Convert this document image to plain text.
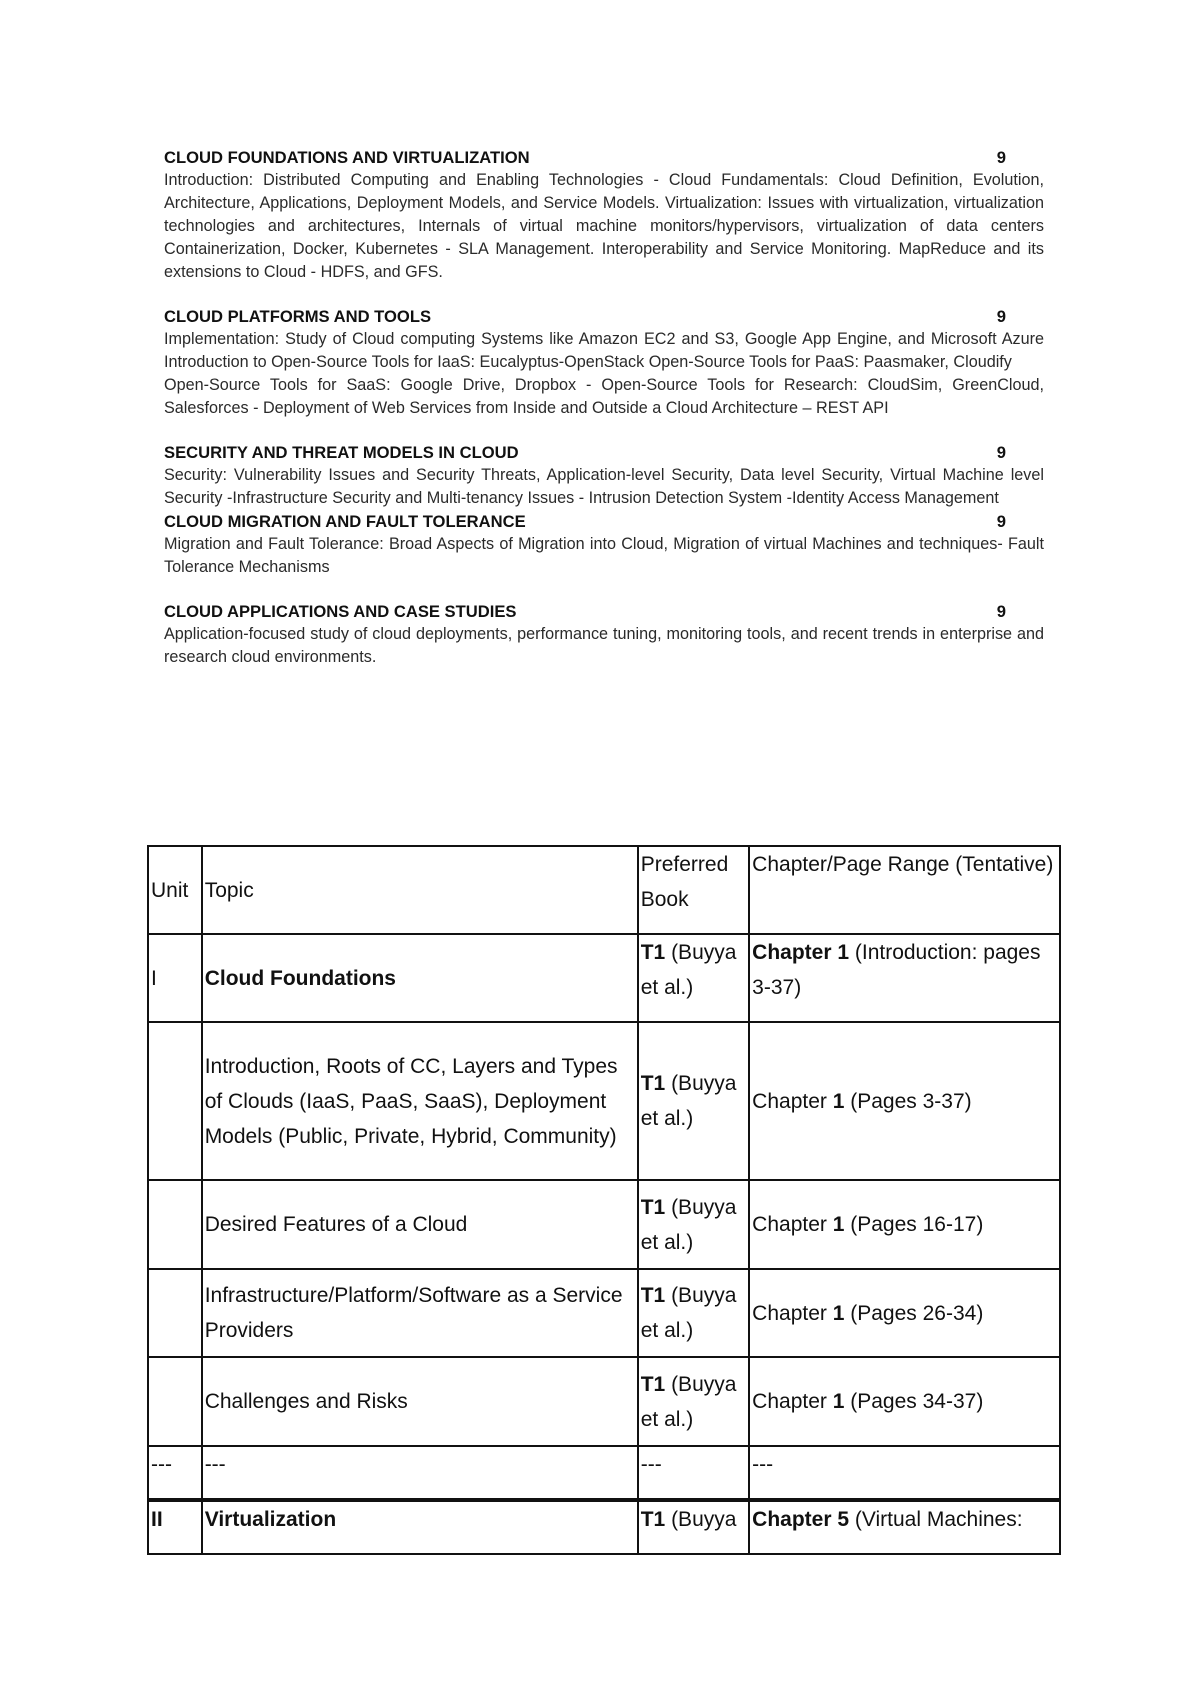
CLOUD FOUNDATIONS AND VIRTUALIZATION	9
Introduction: Distributed Computing and Enabling Technologies - Cloud Fundamentals: Cloud Definition, Evolution, Architecture, Applications, Deployment Models, and Service Models. Virtualization: Issues with virtualization, virtualization technologies and architectures, Internals of virtual machine monitors/hypervisors, virtualization of data centers Containerization, Docker, Kubernetes - SLA Management. Interoperability and Service Monitoring. MapReduce and its extensions to Cloud - HDFS, and GFS.
CLOUD PLATFORMS AND TOOLS	9
Implementation: Study of Cloud computing Systems like Amazon EC2 and S3, Google App Engine, and Microsoft Azure Introduction to Open-Source Tools for IaaS: Eucalyptus-OpenStack Open-Source Tools for PaaS: Paasmaker, Cloudify
Open-Source Tools for SaaS: Google Drive, Dropbox - Open-Source Tools for Research: CloudSim, GreenCloud, Salesforces - Deployment of Web Services from Inside and Outside a Cloud Architecture – REST API
SECURITY AND THREAT MODELS IN CLOUD	9
Security: Vulnerability Issues and Security Threats, Application-level Security, Data level Security, Virtual Machine level Security -Infrastructure Security and Multi-tenancy Issues - Intrusion Detection System -Identity Access Management
CLOUD MIGRATION AND FAULT TOLERANCE	9
Migration and Fault Tolerance: Broad Aspects of Migration into Cloud, Migration of virtual Machines and techniques- Fault Tolerance Mechanisms
CLOUD APPLICATIONS AND CASE STUDIES	9
Application-focused study of cloud deployments, performance tuning, monitoring tools, and recent trends in enterprise and research cloud environments.
Unit	Topic	Preferred Book	Chapter/Page Range (Tentative)
I	Cloud Foundations	T1 (Buyya et al.)	Chapter 1 (Introduction: pages 3-37)
	Introduction, Roots of CC, Layers and Types of Clouds (IaaS, PaaS, SaaS), Deployment Models (Public, Private, Hybrid, Community)	T1 (Buyya et al.)	Chapter 1 (Pages 3-37)
	Desired Features of a Cloud	T1 (Buyya et al.)	Chapter 1 (Pages 16-17)
	Infrastructure/Platform/Software as a Service Providers	T1 (Buyya et al.)	Chapter 1 (Pages 26-34)
	Challenges and Risks	T1 (Buyya et al.)	Chapter 1 (Pages 34-37)
---	---	---	---
II	Virtualization	T1 (Buyya	Chapter 5 (Virtual Machines:
